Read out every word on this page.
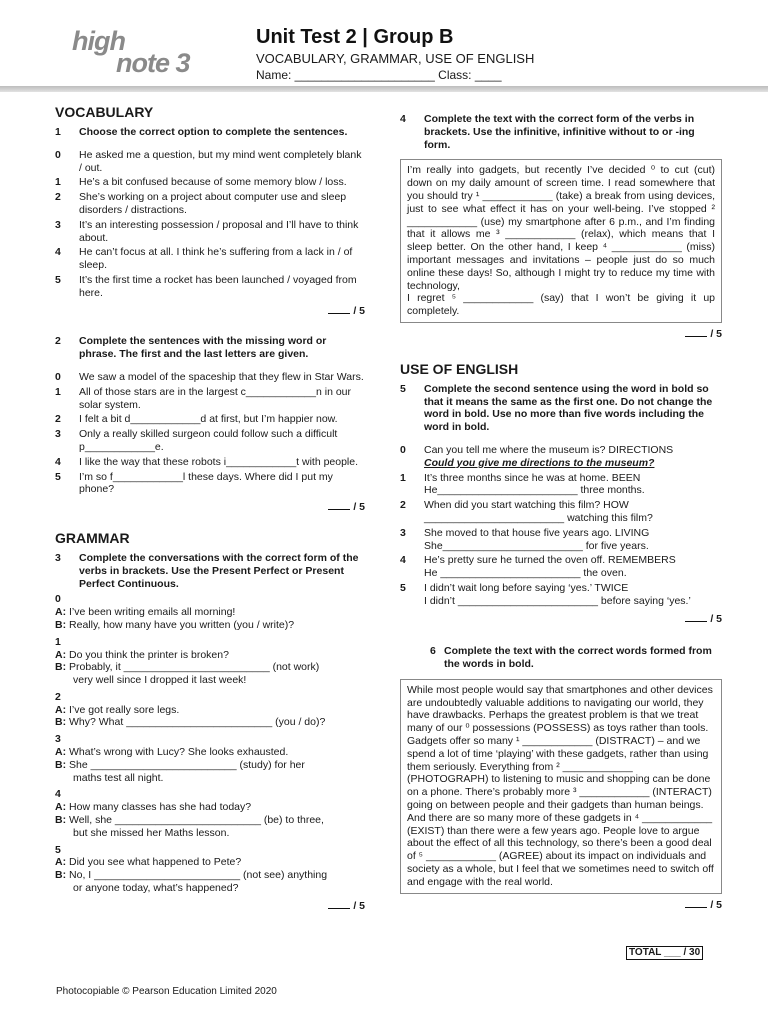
high
note 3
Unit Test 2 | Group B
VOCABULARY, GRAMMAR, USE OF ENGLISH
Name: _____________________ Class: ____
VOCABULARY
1	Choose the correct option to complete the sentences.
0	He asked me a question, but my mind went completely blank / out.
1	He’s a bit confused because of some memory blow / loss.
2	She’s working on a project about computer use and sleep disorders / distractions.
3	It’s an interesting possession / proposal and I’ll have to think about.
4	He can’t focus at all. I think he’s suffering from a lack in / of sleep.
5	It’s the first time a rocket has been launched / voyaged from here.
/ 5
2	Complete the sentences with the missing word or phrase. The first and the last letters are given.
0	We saw a model of the spaceship that they flew in Star Wars.
1	All of those stars are in the largest c____________n in our solar system.
2	I felt a bit d____________d at first, but I’m happier now.
3	Only a really skilled surgeon could follow such a difficult p____________e.
4	I like the way that these robots i____________t with people.
5	I’m so f____________l these days. Where did I put my phone?
/ 5
GRAMMAR
3	Complete the conversations with the correct form of the verbs in brackets. Use the Present Perfect or Present Perfect Continuous.

0

A: I’ve been writing emails all morning!

B: Really, how many have you written (you / write)?

1

A: Do you think the printer is broken?

B: Probably, it _________________________ (not work)

very well since I dropped it last week!

2

A: I’ve got really sore legs.

B: Why? What _________________________ (you / do)?

3

A: What’s wrong with Lucy? She looks exhausted.

B: She _________________________ (study) for her

maths test all night.

4

A: How many classes has she had today?

B: Well, she _________________________ (be) to three,

but she missed her Maths lesson.

5

A: Did you see what happened to Pete?

B: No, I _________________________ (not see) anything

or anyone today, what’s happened?

/ 5
4	Complete the text with the correct form of the verbs in brackets. Use the infinitive, infinitive without to or -ing form.

I’m really into gadgets, but recently I’ve decided ⁰ to cut (cut) down on my daily amount of screen time. I read somewhere that you should try ¹ ____________ (take) a break from using devices, just to see what effect it has on your well-being. I’ve stopped ² ____________ (use) my smartphone after 6 p.m., and I’m finding that it allows me ³ ____________ (relax), which means that I sleep better. On the other hand, I keep ⁴ ____________ (miss) important messages and invitations – people just do so much online these days! So, although I might try to reduce my time with technology,

I regret ⁵ ____________ (say) that I won’t be giving it up completely.

/ 5
USE OF ENGLISH
5	Complete the second sentence using the word in bold so that it means the same as the first one. Do not change the word in bold. Use no more than five words including the word in bold.
0	Can you tell me where the museum is? DIRECTIONS
Could you give me directions to the museum?
1	It’s three months since he was at home. BEEN
He________________________ three months.
2	When did you start watching this film? HOW
________________________ watching this film?
3	She moved to that house five years ago. LIVING
She________________________ for five years.
4	He’s pretty sure he turned the oven off. REMEMBERS
He ________________________ the oven.
5	I didn’t wait long before saying ‘yes.’ TWICE
I didn’t ________________________ before saying ‘yes.’
/ 5
6 Complete the text with the correct words formed from the words in bold.

While most people would say that smartphones and other devices are undoubtedly valuable additions to navigating our world, they have drawbacks. Perhaps the greatest problem is that we treat many of our ⁰ possessions (POSSESS) as toys rather than tools. Gadgets offer so many ¹ ____________ (DISTRACT) – and we spend a lot of time ‘playing’ with these gadgets, rather than using them seriously. Everything from ² ____________ (PHOTOGRAPH) to listening to music and shopping can be done on a phone. There’s probably more ³ ____________ (INTERACT) going on between people and their gadgets than human beings. And there are so many more of these gadgets in ⁴ ____________ (EXIST) than there were a few years ago. People love to argue about the effect of all this technology, so there’s been a good deal of ⁵ ____________ (AGREE) about its impact on individuals and society as a whole, but I feel that we sometimes need to switch off and engage with the real world.

/ 5
TOTAL ___ / 30
Photocopiable © Pearson Education Limited 2020
